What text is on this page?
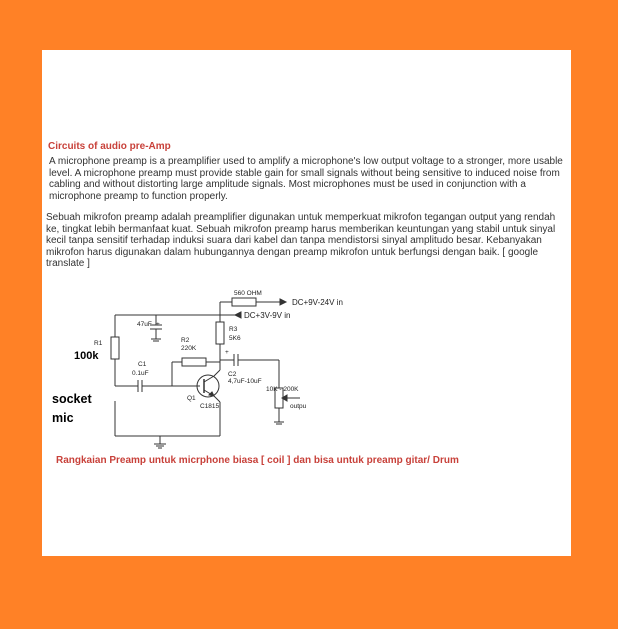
Circuits of audio pre-Amp
A microphone preamp is a preamplifier used to amplify a microphone's low output voltage to a stronger, more usable level. A microphone preamp must provide stable gain for small signals without being sensitive to induced noise from cabling and without distorting large amplitude signals. Most microphones must be used in conjunction with a microphone preamp to function properly.
Sebuah mikrofon preamp adalah preamplifier digunakan untuk memperkuat mikrofon tegangan output yang rendah ke, tingkat lebih bermanfaat kuat. Sebuah mikrofon preamp harus memberikan keuntungan yang stabil untuk sinyal kecil tanpa sensitif terhadap induksi suara dari kabel dan tanpa mendistorsi sinyal amplitudo besar. Kebanyakan mikrofon harus digunakan dalam hubungannya dengan preamp mikrofon untuk berfungsi dengan baik. [ google translate ]
560 OHM
DC+9V-24V in
DC+3V-9V in
47uF +
R1
100k
R2
220K
R3
5K6
C1
0.1uF
+
C2
4,7uF-10uF
Q1
C1815
10K - 200K
outpu
socket
mic
Rangkaian Preamp untuk micrphone biasa [ coil ] dan bisa untuk preamp gitar/ Drum
